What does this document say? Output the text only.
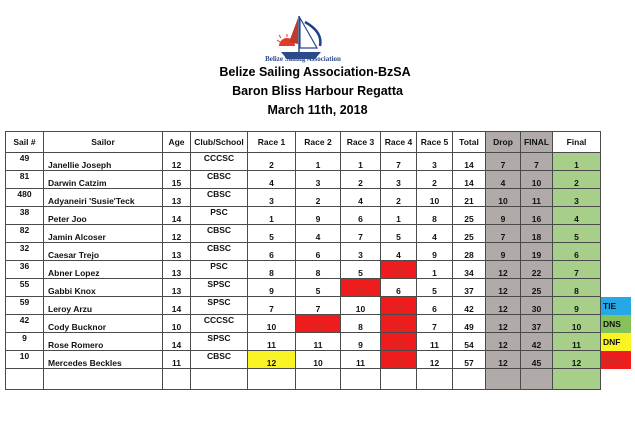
Belize Sailing Association
Belize Sailing Association-BzSA
Baron Bliss Harbour Regatta
March 11th, 2018
Sail #	Sailor	Age	Club/School	Race 1	Race 2	Race 3	Race 4	Race 5	Total	Drop	FINAL	Final	
49	Janellie Joseph	12	CCCSC	2	1	1	7	3	14	7	7	1	
81	Darwin Catzim	15	CBSC	4	3	2	3	2	14	4	10	2	
480	Adyaneiri 'Susie'Teck	13	CBSC	3	2	4	2	10	21	10	11	3	
38	Peter Joo	14	PSC	1	9	6	1	8	25	9	16	4	
82	Jamin Alcoser	12	CBSC	5	4	7	5	4	25	7	18	5	
32	Caesar Trejo	13	CBSC	6	6	3	4	9	28	9	19	6	
36	Abner Lopez	13	PSC	8	8	5	12	1	34	12	22	7	
55	Gabbi Knox	13	SPSC	9	5	12	6	5	37	12	25	8	
59	Leroy Arzu	14	SPSC	7	7	10	12	6	42	12	30	9	TIE
42	Cody Bucknor	10	CCCSC	10	12	8	12	7	49	12	37	10	DNS
9	Rose Romero	14	SPSC	11	11	9	12	11	54	12	42	11	DNF
10	Mercedes Beckles	11	CBSC	12	10	11	12	12	57	12	45	12	DSQ
